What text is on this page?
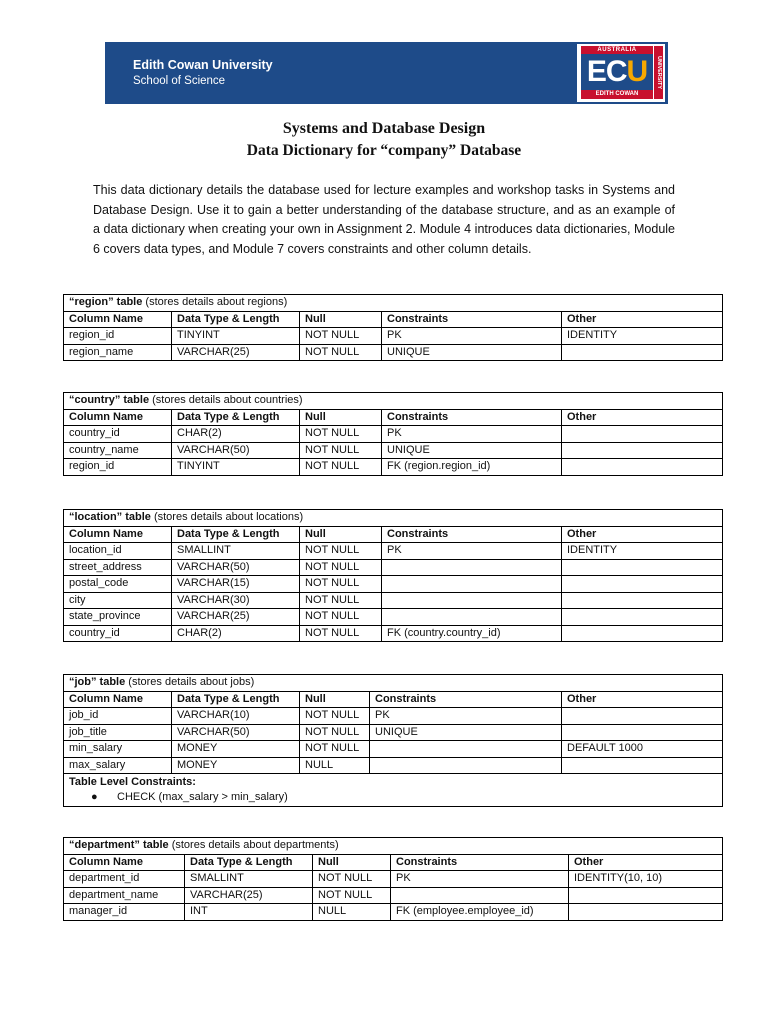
Edith Cowan University
School of Science
AUSTRALIA
ECU
EDITH COWAN
UNIVERSITY
Systems and Database Design
Data Dictionary for “company” Database
This data dictionary details the database used for lecture examples and workshop tasks in Systems and Database Design. Use it to gain a better understanding of the database structure, and as an example of a data dictionary when creating your own in Assignment 2. Module 4 introduces data dictionaries, Module 6 covers data types, and Module 7 covers constraints and other column details.
“region” table (stores details about regions)				
Column Name	Data Type & Length	Null	Constraints	Other
region_id	TINYINT	NOT NULL	PK	IDENTITY
region_name	VARCHAR(25)	NOT NULL	UNIQUE	
“country” table (stores details about countries)				
Column Name	Data Type & Length	Null	Constraints	Other
country_id	CHAR(2)	NOT NULL	PK	
country_name	VARCHAR(50)	NOT NULL	UNIQUE	
region_id	TINYINT	NOT NULL	FK (region.region_id)	
“location” table (stores details about locations)				
Column Name	Data Type & Length	Null	Constraints	Other
location_id	SMALLINT	NOT NULL	PK	IDENTITY
street_address	VARCHAR(50)	NOT NULL		
postal_code	VARCHAR(15)	NOT NULL		
city	VARCHAR(30)	NOT NULL		
state_province	VARCHAR(25)	NOT NULL		
country_id	CHAR(2)	NOT NULL	FK (country.country_id)	
“job” table (stores details about jobs)				
Column Name	Data Type & Length	Null	Constraints	Other
job_id	VARCHAR(10)	NOT NULL	PK	
job_title	VARCHAR(50)	NOT NULL	UNIQUE	
min_salary	MONEY	NOT NULL		DEFAULT 1000
max_salary	MONEY	NULL		

Table Level Constraints:
● CHECK (max_salary > min_salary)				
“department” table (stores details about departments)				
Column Name	Data Type & Length	Null	Constraints	Other
department_id	SMALLINT	NOT NULL	PK	IDENTITY(10, 10)
department_name	VARCHAR(25)	NOT NULL		
manager_id	INT	NULL	FK (employee.employee_id)	
